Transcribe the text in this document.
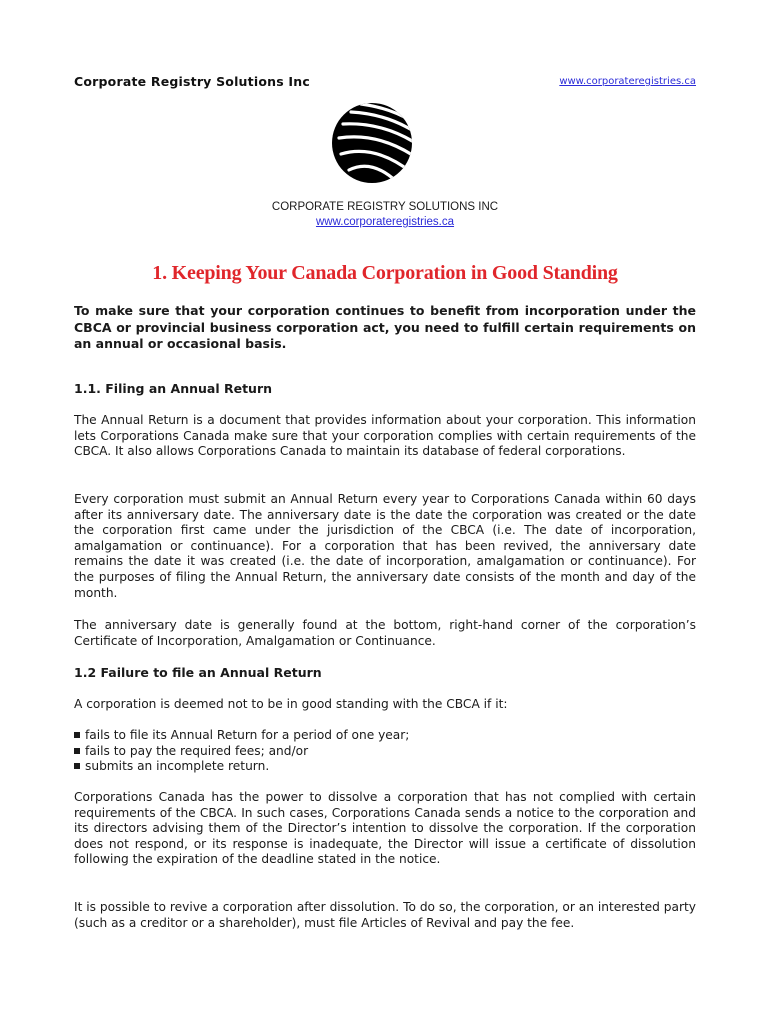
Corporate Registry Solutions Inc	www.corporateregistries.ca
CORPORATE REGISTRY SOLUTIONS INC
www.corporateregistries.ca
1. Keeping Your Canada Corporation in Good Standing
To make sure that your corporation continues to benefit from incorporation under the CBCA or provincial business corporation act, you need to fulfill certain requirements on an annual or occasional basis.
1.1. Filing an Annual Return
The Annual Return is a document that provides information about your corporation. This information lets Corporations Canada make sure that your corporation complies with certain requirements of the CBCA. It also allows Corporations Canada to maintain its database of federal corporations.
Every corporation must submit an Annual Return every year to Corporations Canada within 60 days after its anniversary date. The anniversary date is the date the corporation was created or the date the corporation first came under the jurisdiction of the CBCA (i.e. The date of incorporation, amalgamation or continuance). For a corporation that has been revived, the anniversary date remains the date it was created (i.e. the date of incorporation, amalgamation or continuance). For the purposes of filing the Annual Return, the anniversary date consists of the month and day of the month.
The anniversary date is generally found at the bottom, right-hand corner of the corporation’s Certificate of Incorporation, Amalgamation or Continuance.
1.2 Failure to file an Annual Return
A corporation is deemed not to be in good standing with the CBCA if it:
fails to file its Annual Return for a period of one year;
fails to pay the required fees; and/or
submits an incomplete return.
Corporations Canada has the power to dissolve a corporation that has not complied with certain requirements of the CBCA. In such cases, Corporations Canada sends a notice to the corporation and its directors advising them of the Director’s intention to dissolve the corporation. If the corporation does not respond, or its response is inadequate, the Director will issue a certificate of dissolution following the expiration of the deadline stated in the notice.
It is possible to revive a corporation after dissolution. To do so, the corporation, or an interested party (such as a creditor or a shareholder), must file Articles of Revival and pay the fee.
